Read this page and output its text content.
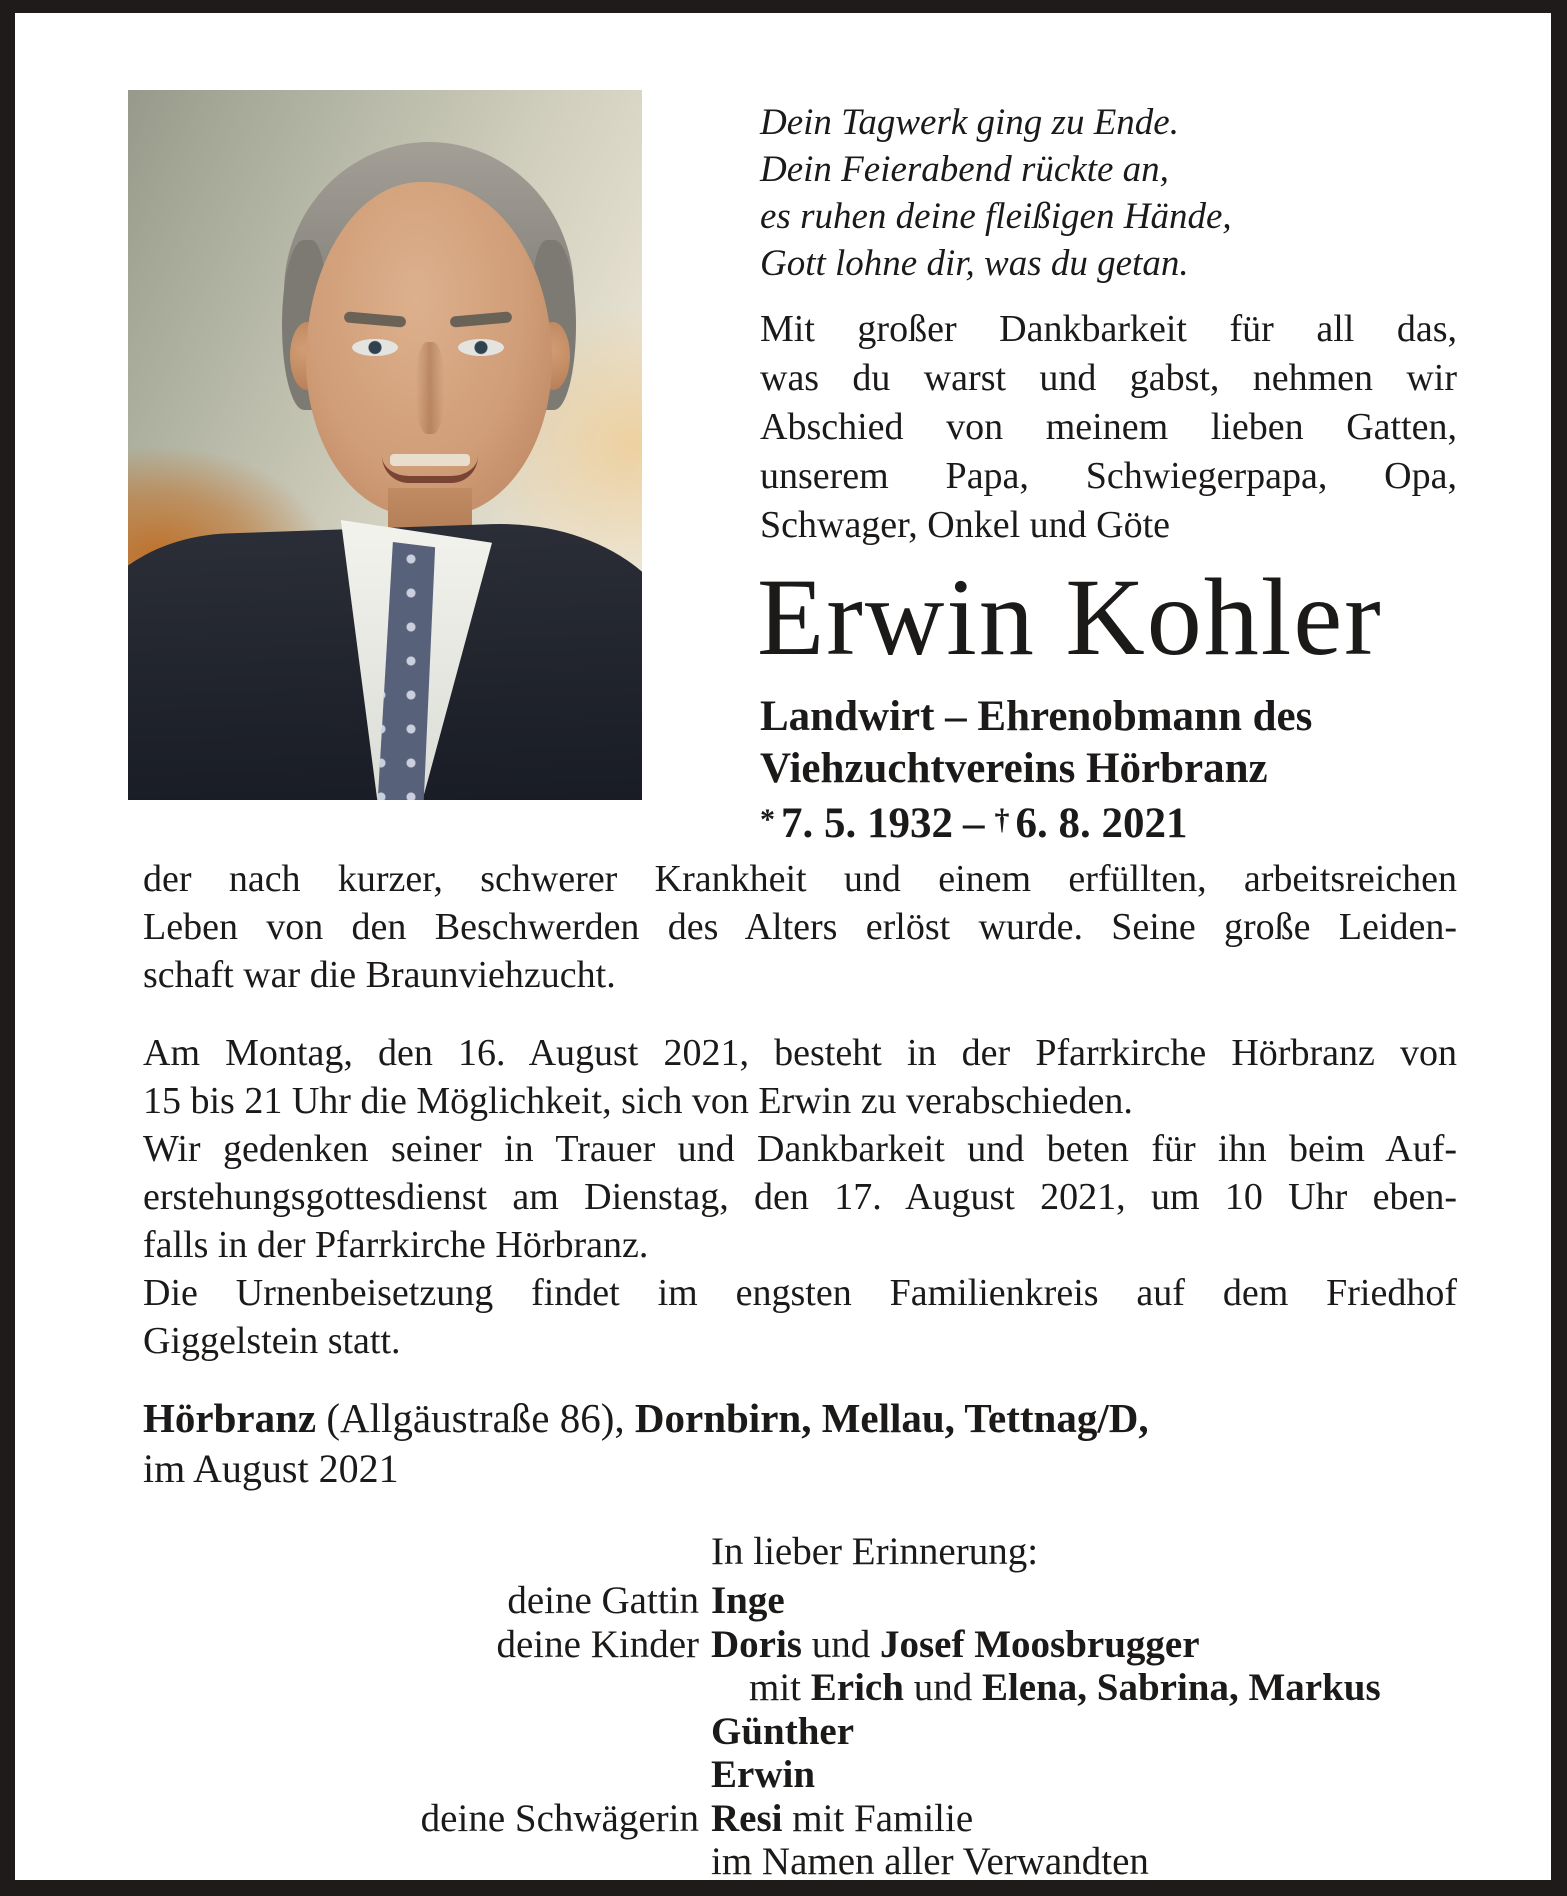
Dein Tagwerk ging zu Ende.
Dein Feierabend rückte an,
es ruhen deine fleißigen Hände,
Gott lohne dir, was du getan.
Mit großer Dankbarkeit für all das,
was du warst und gabst, nehmen wir
Abschied von meinem lieben Gatten,
unserem Papa, Schwiegerpapa, Opa,
Schwager, Onkel und Göte
Erwin Kohler
Landwirt – Ehrenobmann des
Viehzuchtvereins Hörbranz
* 7. 5. 1932 – † 6. 8. 2021
der nach kurzer, schwerer Krankheit und einem erfüllten, arbeitsreichen
Leben von den Beschwerden des Alters erlöst wurde. Seine große Leiden-
schaft war die Braunviehzucht.
Am Montag, den 16. August 2021, besteht in der Pfarrkirche Hörbranz von
15 bis 21 Uhr die Möglichkeit, sich von Erwin zu verabschieden.
Wir gedenken seiner in Trauer und Dankbarkeit und beten für ihn beim Auf-
erstehungsgottesdienst am Dienstag, den 17. August 2021, um 10 Uhr eben-
falls in der Pfarrkirche Hörbranz.
Die Urnenbeisetzung findet im engsten Familienkreis auf dem Friedhof
Giggelstein statt.
Hörbranz (Allgäustraße 86), Dornbirn, Mellau, Tettnag/D,
im August 2021
In lieber Erinnerung:
deine Gattin Inge
deine Kinder Doris und Josef Moosbrugger
mit Erich und Elena, Sabrina, Markus
Günther
Erwin
deine Schwägerin Resi mit Familie
im Namen aller Verwandten
